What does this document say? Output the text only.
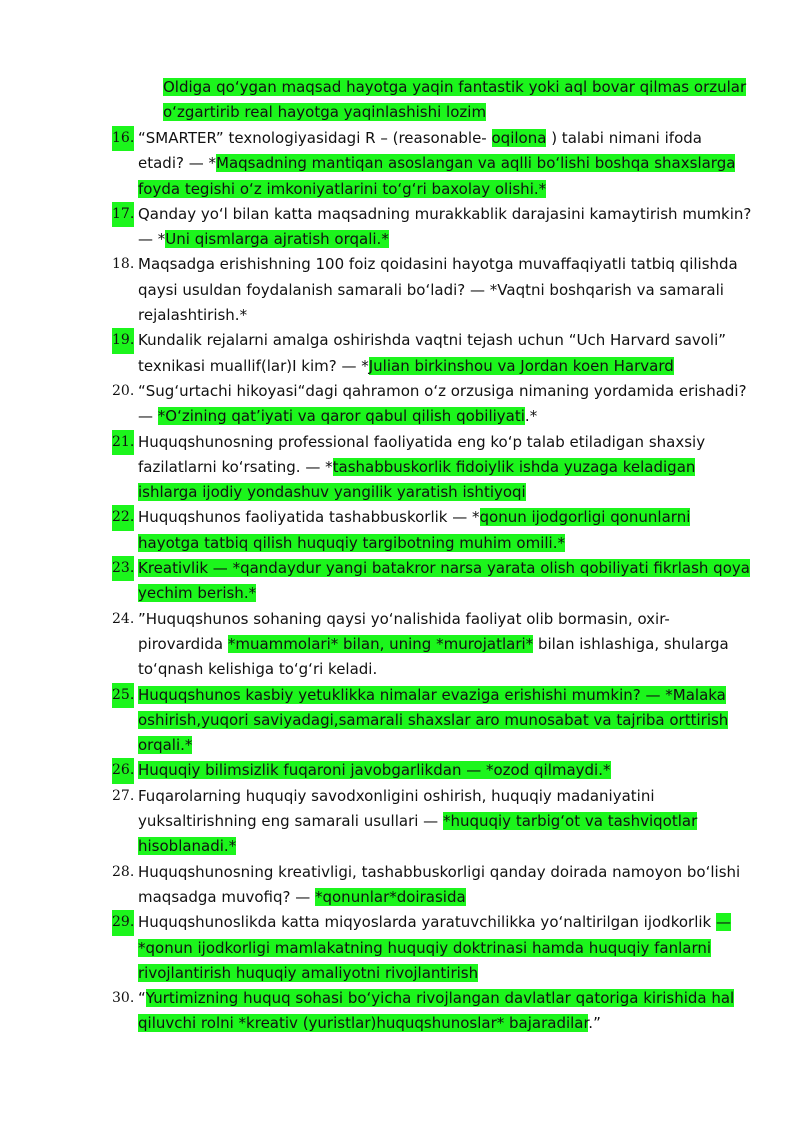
Oldiga qo‘ygan maqsad hayotga yaqin fantastik yoki aql bovar qilmas orzular o‘zgartirib real hayotga yaqinlashishi lozim
16. “SMARTER” texnologiyasidagi R – (reasonable- oqilona ) talabi nimani ifoda etadi? — *Maqsadning mantiqan asoslangan va aqlli bo‘lishi boshqa shaxslarga foyda tegishi o‘z imkoniyatlarini to‘g‘ri baxolay olishi.*
17. Qanday yo‘l bilan katta maqsadning murakkablik darajasini kamaytirish mumkin? — *Uni qismlarga ajratish orqali.*
18. Maqsadga erishishning 100 foiz qoidasini hayotga muvaffaqiyatli tatbiq qilishda qaysi usuldan foydalanish samarali bo‘ladi? — *Vaqtni boshqarish va samarali rejalashtirish.*
19. Kundalik rejalarni amalga oshirishda vaqtni tejash uchun “Uch Harvard savoli” texnikasi muallif(lar)I kim? — *Julian birkinshou va Jordan koen Harvard
20. “Sug‘urtachi hikoyasi“dagi qahramon o‘z orzusiga nimaning yordamida erishadi? — *O‘zining qat’iyati va qaror qabul qilish qobiliyati.*
21. Huquqshunosning professional faoliyatida eng ko‘p talab etiladigan shaxsiy fazilatlarni ko‘rsating. — *tashabbuskorlik fidoiylik ishda yuzaga keladigan ishlarga ijodiy yondashuv yangilik yaratish ishtiyoqi
22. Huquqshunos faoliyatida tashabbuskorlik — *qonun ijodgorligi qonunlarni hayotga tatbiq qilish huquqiy targibotning muhim omili.*
23. Kreativlik — *qandaydur yangi batakror narsa yarata olish qobiliyati fikrlash qoya yechim berish.*
24. ”Huquqshunos sohaning qaysi yo‘nalishida faoliyat olib bormasin, oxir-pirovardida *muammolari* bilan, uning *murojatlari* bilan ishlashiga, shularga to‘qnash kelishiga to‘g‘ri keladi.
25. Huquqshunos kasbiy yetuklikka nimalar evaziga erishishi mumkin? — *Malaka oshirish,yuqori saviyadagi,samarali shaxslar aro munosabat va tajriba orttirish orqali.*
26. Huquqiy bilimsizlik fuqaroni javobgarlikdan — *ozod qilmaydi.*
27. Fuqarolarning huquqiy savodxonligini oshirish, huquqiy madaniyatini yuksaltirishning eng samarali usullari — *huquqiy tarbig‘ot va tashviqotlar hisoblanadi.*
28. Huquqshunosning kreativligi, tashabbuskorligi qanday doirada namoyon bo‘lishi maqsadga muvofiq? — *qonunlar*doirasida
29. Huquqshunoslikda katta miqyoslarda yaratuvchilikka yo‘naltirilgan ijodkorlik — *qonun ijodkorligi mamlakatning huquqiy doktrinasi hamda huquqiy fanlarni rivojlantirish huquqiy amaliyotni rivojlantirish
30. “Yurtimizning huquq sohasi bo‘yicha rivojlangan davlatlar qatoriga kirishida hal qiluvchi rolni *kreativ (yuristlar)huquqshunoslar* bajaradilar.”
